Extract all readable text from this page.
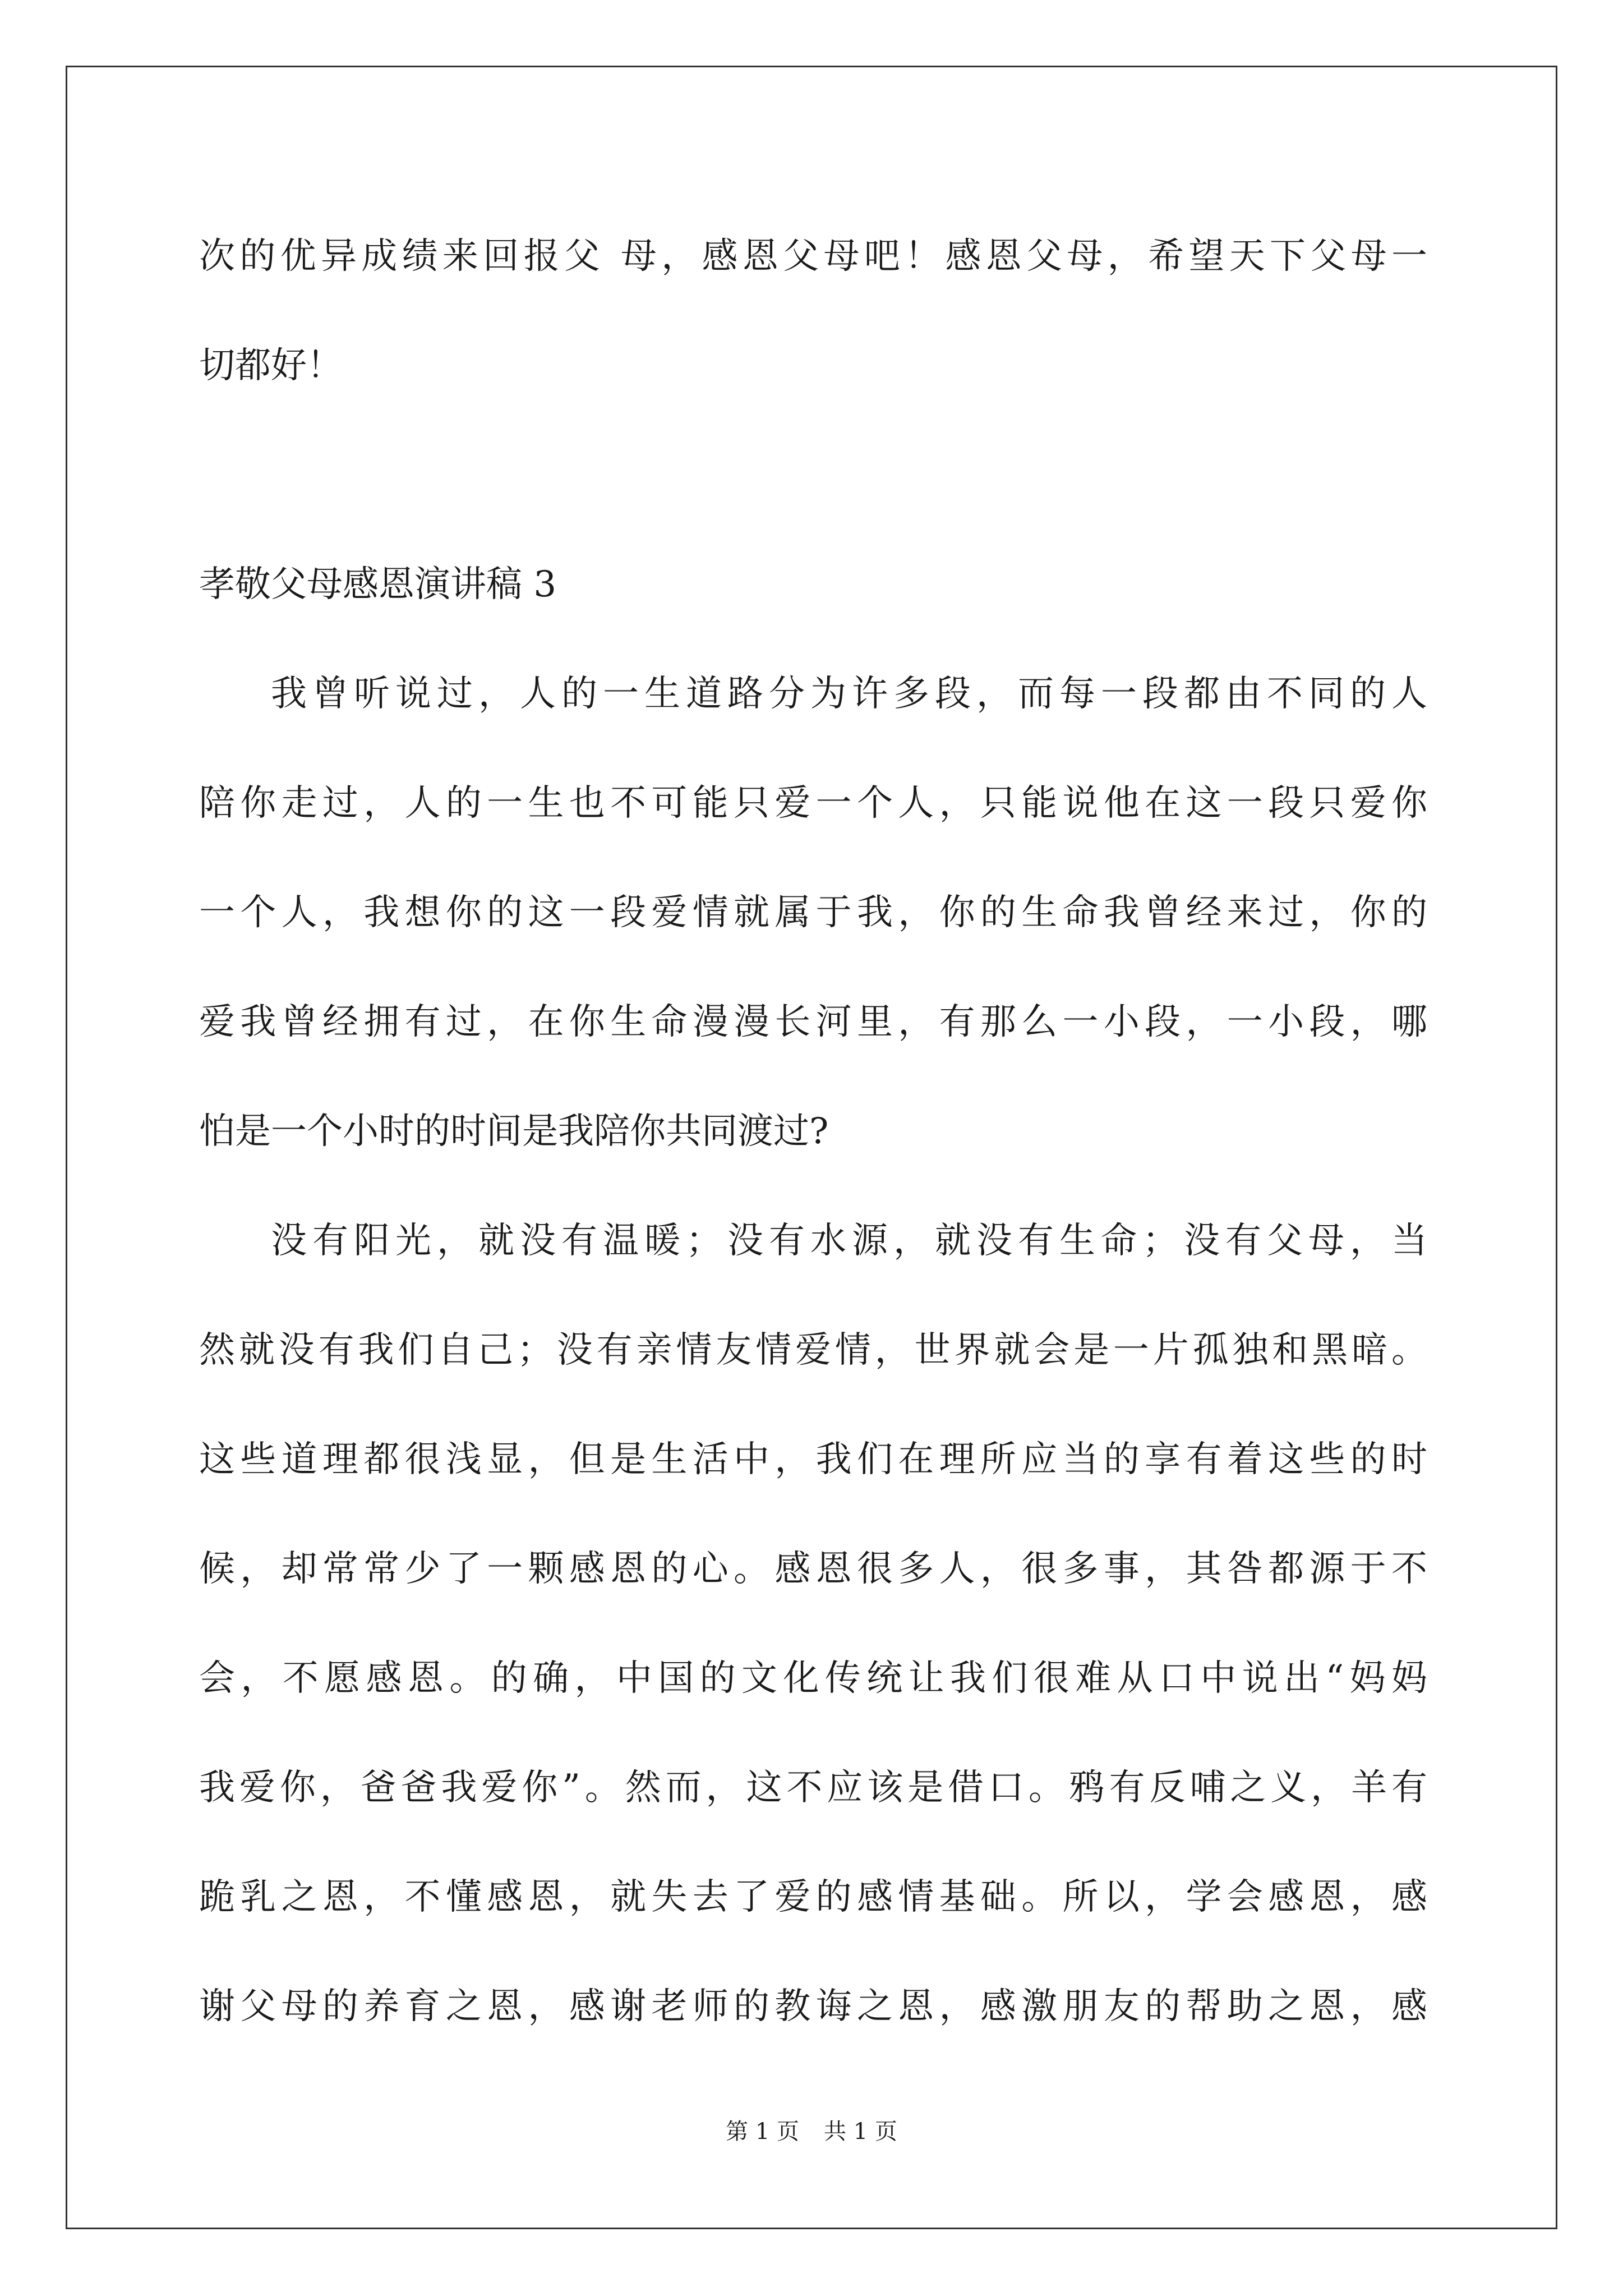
次的优异成绩来回报父 母，感恩父母吧！感恩父母，希望天下父母一

切都好！

孝敬父母感恩演讲稿 3

我曾听说过，人的一生道路分为许多段，而每一段都由不同的人

陪你走过，人的一生也不可能只爱一个人，只能说他在这一段只爱你

一个人，我想你的这一段爱情就属于我，你的生命我曾经来过，你的

爱我曾经拥有过，在你生命漫漫长河里，有那么一小段，一小段，哪

怕是一个小时的时间是我陪你共同渡过?

没有阳光，就没有温暖；没有水源，就没有生命；没有父母，当

然就没有我们自己；没有亲情友情爱情，世界就会是一片孤独和黑暗。

这些道理都很浅显，但是生活中，我们在理所应当的享有着这些的时

候，却常常少了一颗感恩的心。感恩很多人，很多事，其咎都源于不

会，不愿感恩。的确，中国的文化传统让我们很难从口中说出“妈妈

我爱你，爸爸我爱你”。然而，这不应该是借口。鸦有反哺之义，羊有

跪乳之恩，不懂感恩，就失去了爱的感情基础。所以，学会感恩，感

谢父母的养育之恩，感谢老师的教诲之恩，感激朋友的帮助之恩，感

第 1 页 共 1 页
